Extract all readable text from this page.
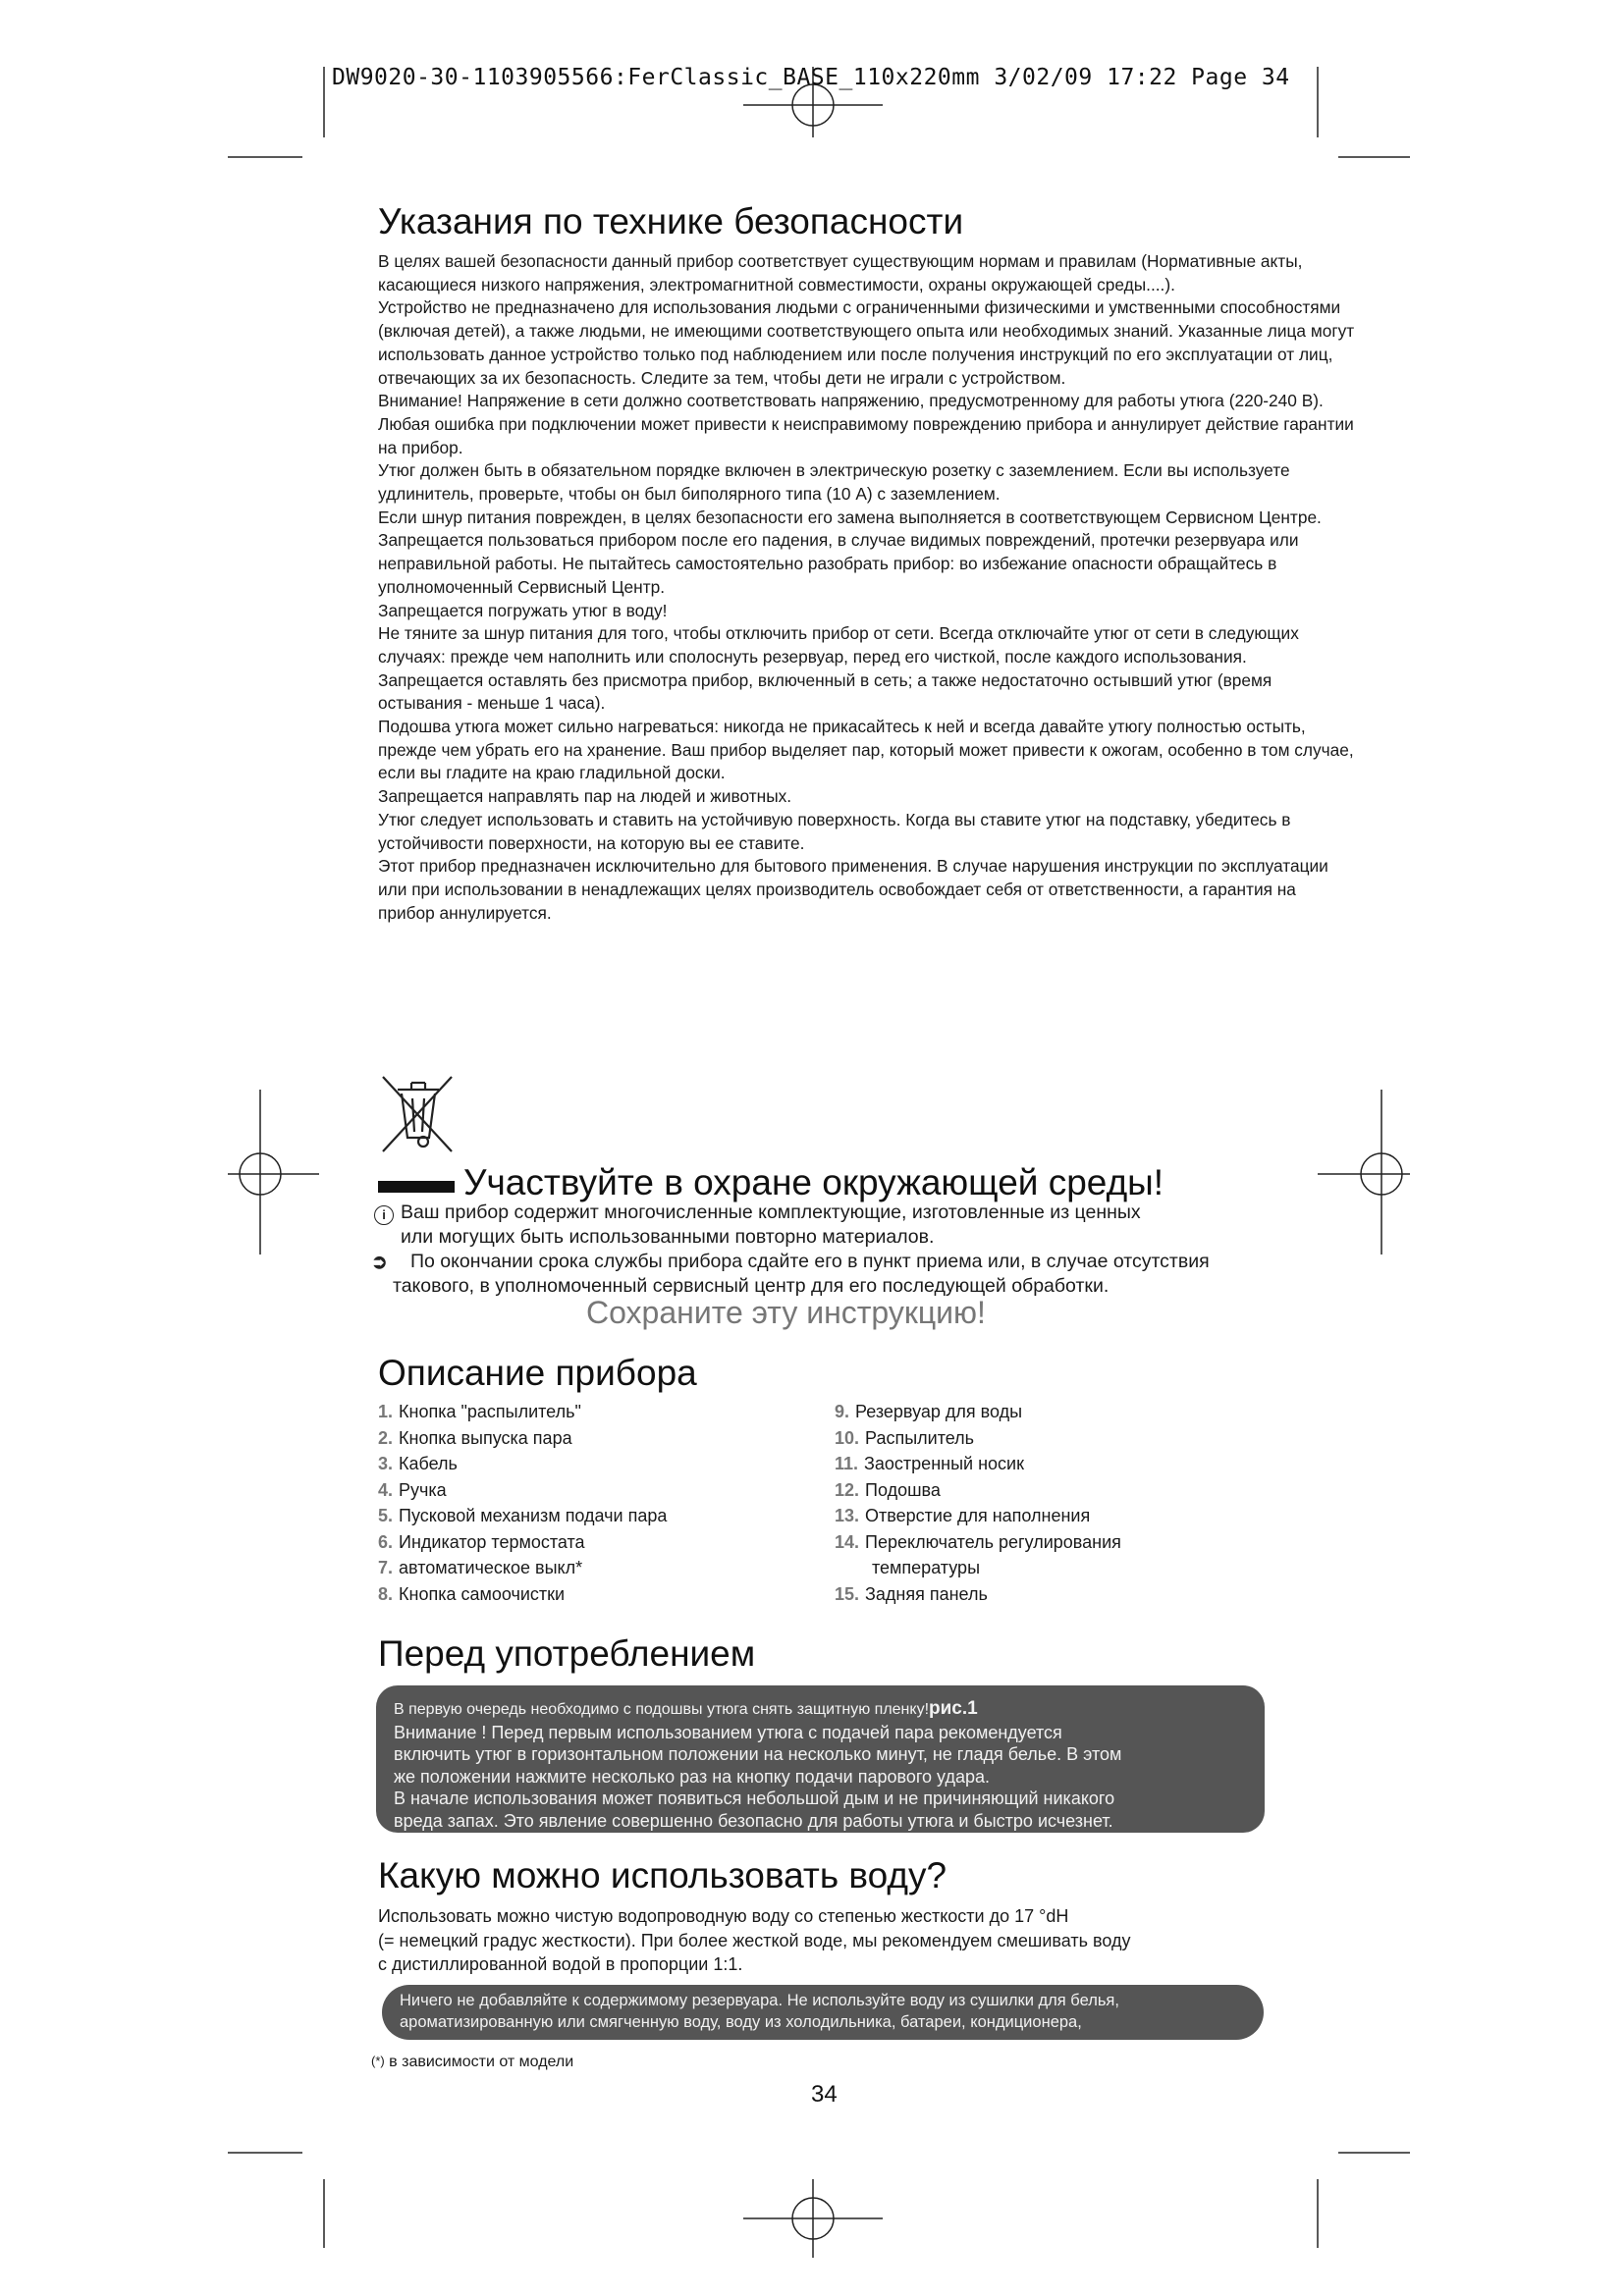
DW9020-30-1103905566:FerClassic_BASE_110x220mm 3/02/09 17:22 Page 34
Указания по технике безопасности

В целях вашей безопасности данный прибор соответствует существующим нормам и правилам (Нормативные акты, касающиеся низкого напряжения, электромагнитной совместимости, охраны окружающей среды....).

Устройство не предназначено для использования людьми с ограниченными физическими и умственными способностями (включая детей), а также людьми, не имеющими соответствующего опыта или необходимых знаний. Указанные лица могут использовать данное устройство только под наблюдением или после получения инструкций по его эксплуатации от лиц, отвечающих за их безопасность. Следите за тем, чтобы дети не играли с устройством.

Внимание! Напряжение в сети должно соответствовать напряжению, предусмотренному для работы утюга (220-240 В). Любая ошибка при подключении может привести к неисправимому повреждению прибора и аннулирует действие гарантии на прибор.

Утюг должен быть в обязательном порядке включен в электрическую розетку с заземлением. Если вы используете удлинитель, проверьте, чтобы он был биполярного типа (10 А) с заземлением.

Если шнур питания поврежден, в целях безопасности его замена выполняется в соответствующем Сервисном Центре.

Запрещается пользоваться прибором после его падения, в случае видимых повреждений, протечки резервуара или неправильной работы. Не пытайтесь самостоятельно разобрать прибор: во избежание опасности обращайтесь в уполномоченный Сервисный Центр.

Запрещается погружать утюг в воду!

Не тяните за шнур питания для того, чтобы отключить прибор от сети. Всегда отключайте утюг от сети в следующих случаях: прежде чем наполнить или сполоснуть резервуар, перед его чисткой, после каждого использования.

Запрещается оставлять без присмотра прибор, включенный в сеть; а также недостаточно остывший утюг (время остывания - меньше 1 часа).

Подошва утюга может сильно нагреваться: никогда не прикасайтесь к ней и всегда давайте утюгу полностью остыть, прежде чем убрать его на хранение. Ваш прибор выделяет пар, который может привести к ожогам, особенно в том случае, если вы гладите на краю гладильной доски.

Запрещается направлять пар на людей и животных.

Утюг следует использовать и ставить на устойчивую поверхность. Когда вы ставите утюг на подставку, убедитесь в устойчивости поверхности, на которую вы ее ставите.

Этот прибор предназначен исключительно для бытового применения. В случае нарушения инструкции по эксплуатации или при использовании в ненадлежащих целях производитель освобождает себя от ответственности, а гарантия на прибор аннулируется.

Участвуйте в охране окружающей среды!
i Ваш прибор содержит многочисленные комплектующие, изготовленные из ценных
или могущих быть использованными повторно материалов.
➲ По окончании срока службы прибора сдайте его в пункт приема или, в случае отсутствия
такового, в уполномоченный сервисный центр для его последующей обработки.
Сохраните эту инструкцию!
Описание прибора
1. Кнопка "распылитель"
2. Кнопка выпуска пара
3. Кабель
4. Ручка
5. Пусковой механизм подачи пара
6. Индикатор термостата
7. автоматическое выкл*
8. Кнопка самоочистки
9. Резервуар для воды
10. Распылитель
11. Заостренный носик
12. Подошва
13. Отверстие для наполнения
14. Переключатель регулирования
температуры
15. Задняя панель
Перед употреблением

В первую очередь необходимо с подошвы утюга снять защитную пленку!рис.1

Внимание ! Перед первым использованием утюга с подачей пара рекомендуется

включить утюг в горизонтальном положении на несколько минут, не гладя белье. В этом

же положении нажмите несколько раз на кнопку подачи парового удара.

В начале использования может появиться небольшой дым и не причиняющий никакого

вреда запах. Это явление совершенно безопасно для работы утюга и быстро исчезнет.

Какую можно использовать воду?

Использовать можно чистую водопроводную воду со степенью жесткости до 17 °dH

(= немецкий градус жесткости). При более жесткой воде, мы рекомендуем смешивать воду

с дистиллированной водой в пропорции 1:1.

Ничего не добавляйте к содержимому резервуара. Не используйте воду из сушилки для белья,

ароматизированную или смягченную воду, воду из холодильника, батареи, кондиционера,

(*) в зависимости от модели
34
